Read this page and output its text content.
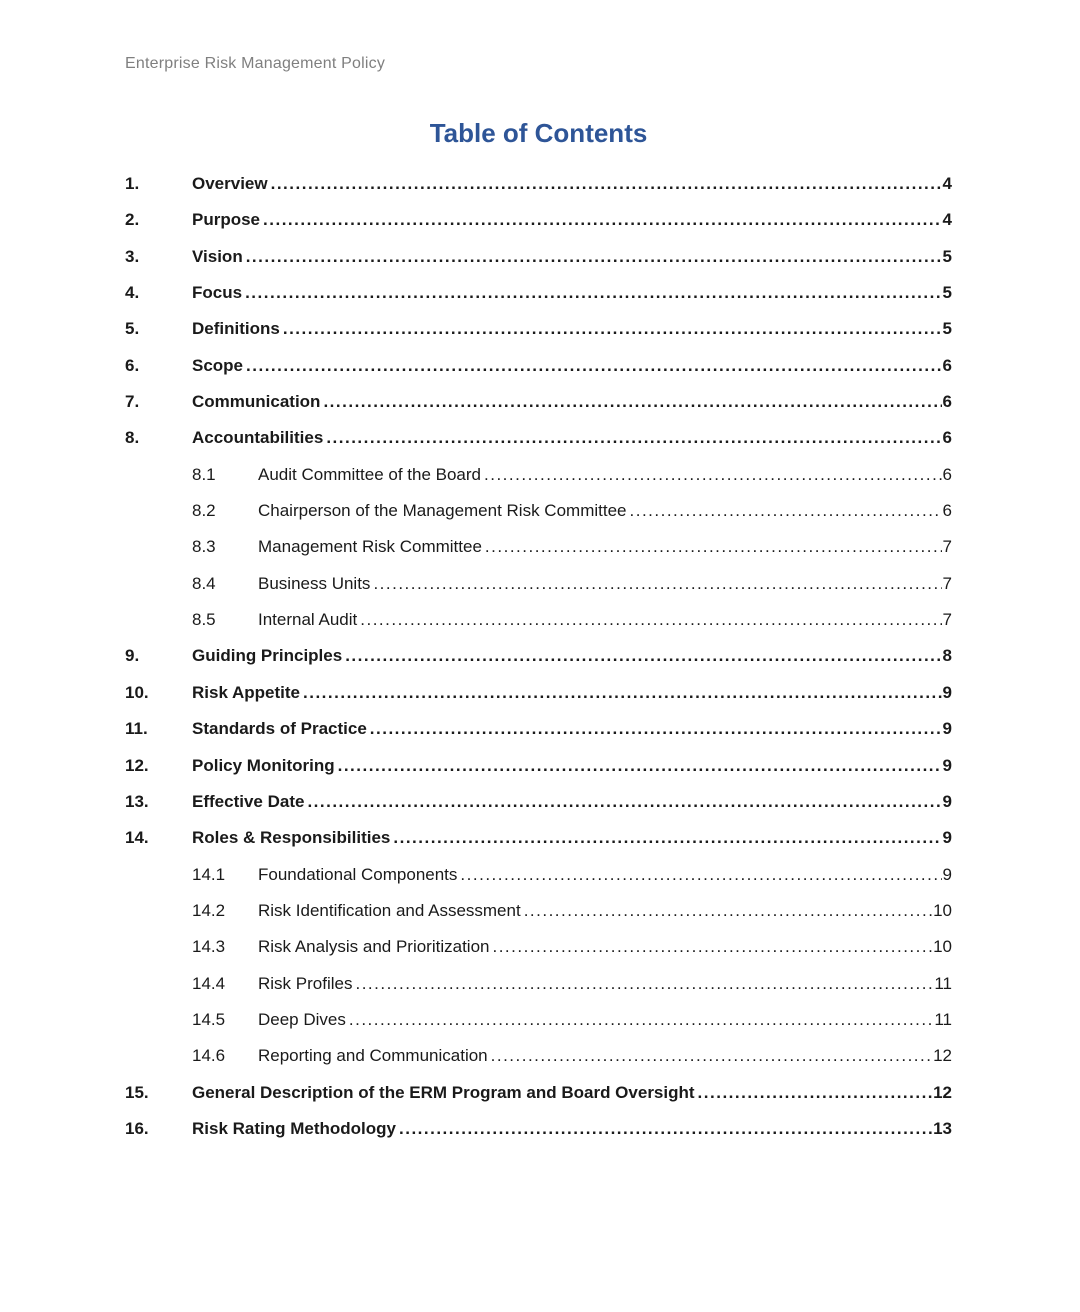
Enterprise Risk Management Policy
Table of Contents
1.	Overview .....	4
2.	Purpose .....	4
3.	Vision .....	5
4.	Focus .....	5
5.	Definitions .....	5
6.	Scope .....	6
7.	Communication .....	6
8.	Accountabilities .....	6
8.1	Audit Committee of the Board .....	6
8.2	Chairperson of the Management Risk Committee .....	6
8.3	Management Risk Committee .....	7
8.4	Business Units .....	7
8.5	Internal Audit .....	7
9.	Guiding Principles .....	8
10.	Risk Appetite .....	9
11.	Standards of Practice .....	9
12.	Policy Monitoring .....	9
13.	Effective Date .....	9
14.	Roles & Responsibilities .....	9
14.1	Foundational Components .....	9
14.2	Risk Identification and Assessment .....	10
14.3	Risk Analysis and Prioritization .....	10
14.4	Risk Profiles .....	11
14.5	Deep Dives .....	11
14.6	Reporting and Communication .....	12
15.	General Description of the ERM Program and Board Oversight .....	12
16.	Risk Rating Methodology .....	13
